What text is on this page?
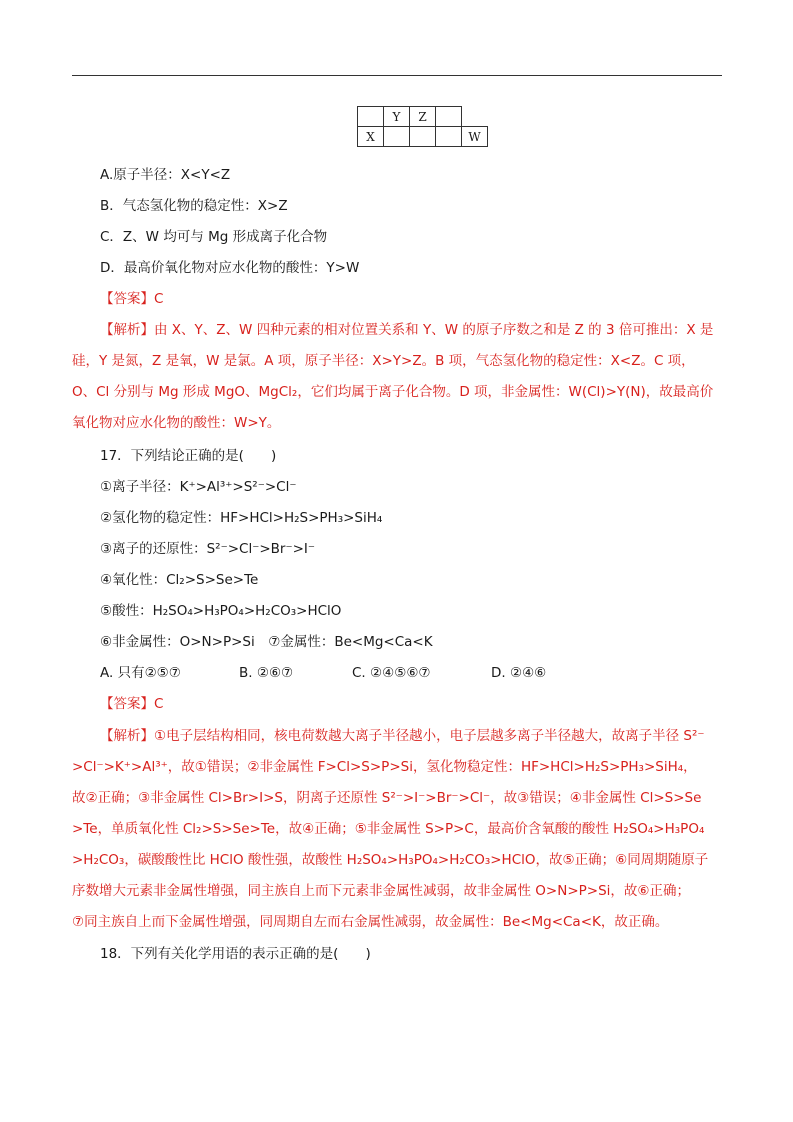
	Y	Z		
X				W
A.原子半径：X<Y<Z
B．气态氢化物的稳定性：X>Z
C．Z、W 均可与 Mg 形成离子化合物
D．最高价氧化物对应水化物的酸性：Y>W
【答案】C
【解析】由 X、Y、Z、W 四种元素的相对位置关系和 Y、W 的原子序数之和是 Z 的 3 倍可推出：X 是
硅，Y 是氮，Z 是氧，W 是氯。A 项，原子半径：X>Y>Z。B 项，气态氢化物的稳定性：X<Z。C 项，
O、Cl 分别与 Mg 形成 MgO、MgCl₂，它们均属于离子化合物。D 项，非金属性：W(Cl)>Y(N)，故最高价
氧化物对应水化物的酸性：W>Y。
17．下列结论正确的是(　　)
①离子半径：K⁺>Al³⁺>S²⁻>Cl⁻
②氢化物的稳定性：HF>HCl>H₂S>PH₃>SiH₄
③离子的还原性：S²⁻>Cl⁻>Br⁻>I⁻
④氧化性：Cl₂>S>Se>Te
⑤酸性：H₂SO₄>H₃PO₄>H₂CO₃>HClO
⑥非金属性：O>N>P>Si　⑦金属性：Be<Mg<Ca<K
A. 只有②⑤⑦	B. ②⑥⑦	C. ②④⑤⑥⑦	D. ②④⑥
【答案】C
【解析】①电子层结构相同，核电荷数越大离子半径越小，电子层越多离子半径越大，故离子半径 S²⁻
>Cl⁻>K⁺>Al³⁺，故①错误；②非金属性 F>Cl>S>P>Si，氢化物稳定性：HF>HCl>H₂S>PH₃>SiH₄，
故②正确；③非金属性 Cl>Br>I>S，阴离子还原性 S²⁻>I⁻>Br⁻>Cl⁻，故③错误；④非金属性 Cl>S>Se
>Te，单质氧化性 Cl₂>S>Se>Te，故④正确；⑤非金属性 S>P>C，最高价含氧酸的酸性 H₂SO₄>H₃PO₄
>H₂CO₃，碳酸酸性比 HClO 酸性强，故酸性 H₂SO₄>H₃PO₄>H₂CO₃>HClO，故⑤正确；⑥同周期随原子
序数增大元素非金属性增强，同主族自上而下元素非金属性减弱，故非金属性 O>N>P>Si，故⑥正确；
⑦同主族自上而下金属性增强，同周期自左而右金属性减弱，故金属性：Be<Mg<Ca<K，故正确。
18．下列有关化学用语的表示正确的是(　　)
